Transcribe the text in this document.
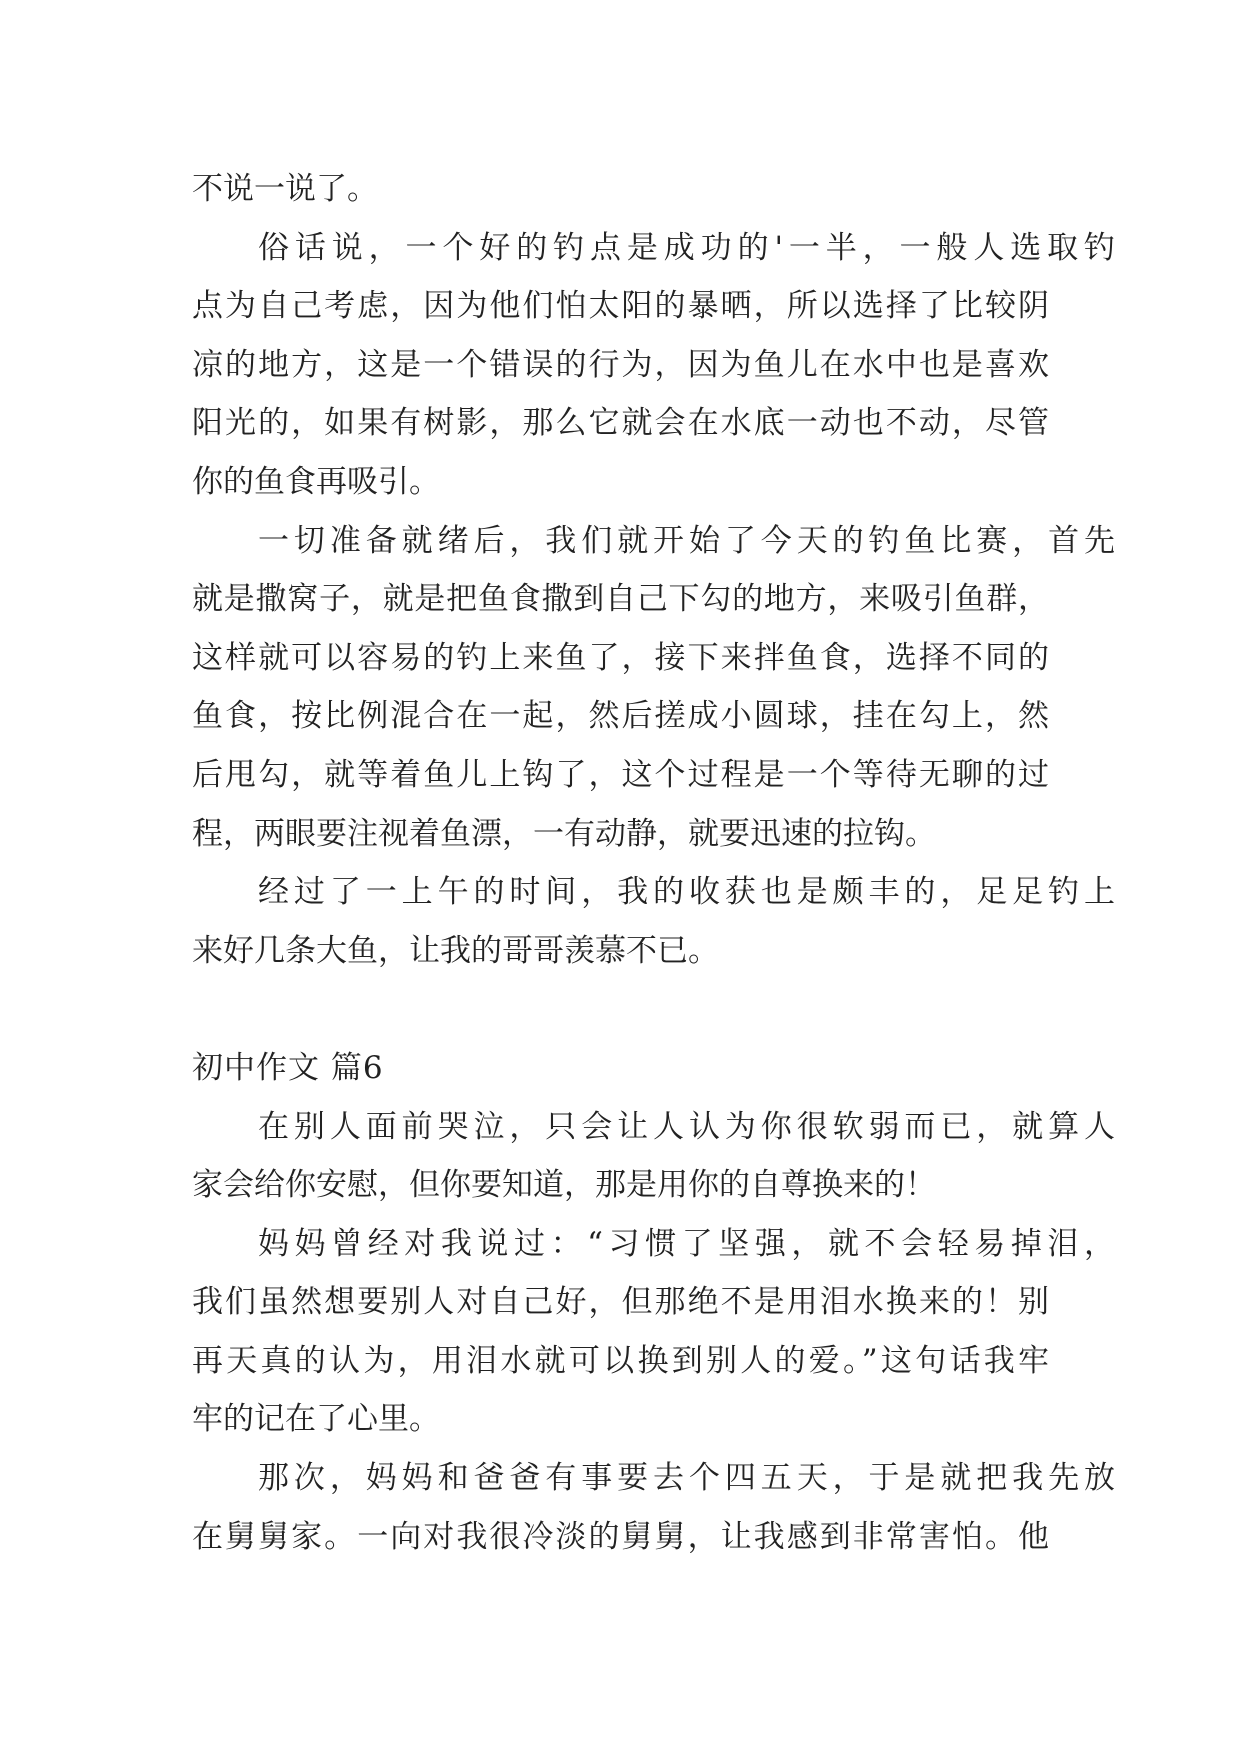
不说一说了。
俗话说，一个好的钓点是成功的'一半，一般人选取钓
点为自己考虑，因为他们怕太阳的暴晒，所以选择了比较阴
凉的地方，这是一个错误的行为，因为鱼儿在水中也是喜欢
阳光的，如果有树影，那么它就会在水底一动也不动，尽管
你的鱼食再吸引。
一切准备就绪后，我们就开始了今天的钓鱼比赛，首先
就是撒窝子，就是把鱼食撒到自己下勾的地方，来吸引鱼群，
这样就可以容易的钓上来鱼了，接下来拌鱼食，选择不同的
鱼食，按比例混合在一起，然后搓成小圆球，挂在勾上，然
后甩勾，就等着鱼儿上钩了，这个过程是一个等待无聊的过
程，两眼要注视着鱼漂，一有动静，就要迅速的拉钩。
经过了一上午的时间，我的收获也是颇丰的，足足钓上
来好几条大鱼，让我的哥哥羡慕不已。
初中作文 篇6
在别人面前哭泣，只会让人认为你很软弱而已，就算人
家会给你安慰，但你要知道，那是用你的自尊换来的！
妈妈曾经对我说过：“习惯了坚强，就不会轻易掉泪，
我们虽然想要别人对自己好，但那绝不是用泪水换来的！别
再天真的认为，用泪水就可以换到别人的爱。”这句话我牢
牢的记在了心里。
那次，妈妈和爸爸有事要去个四五天，于是就把我先放
在舅舅家。一向对我很冷淡的舅舅，让我感到非常害怕。他
